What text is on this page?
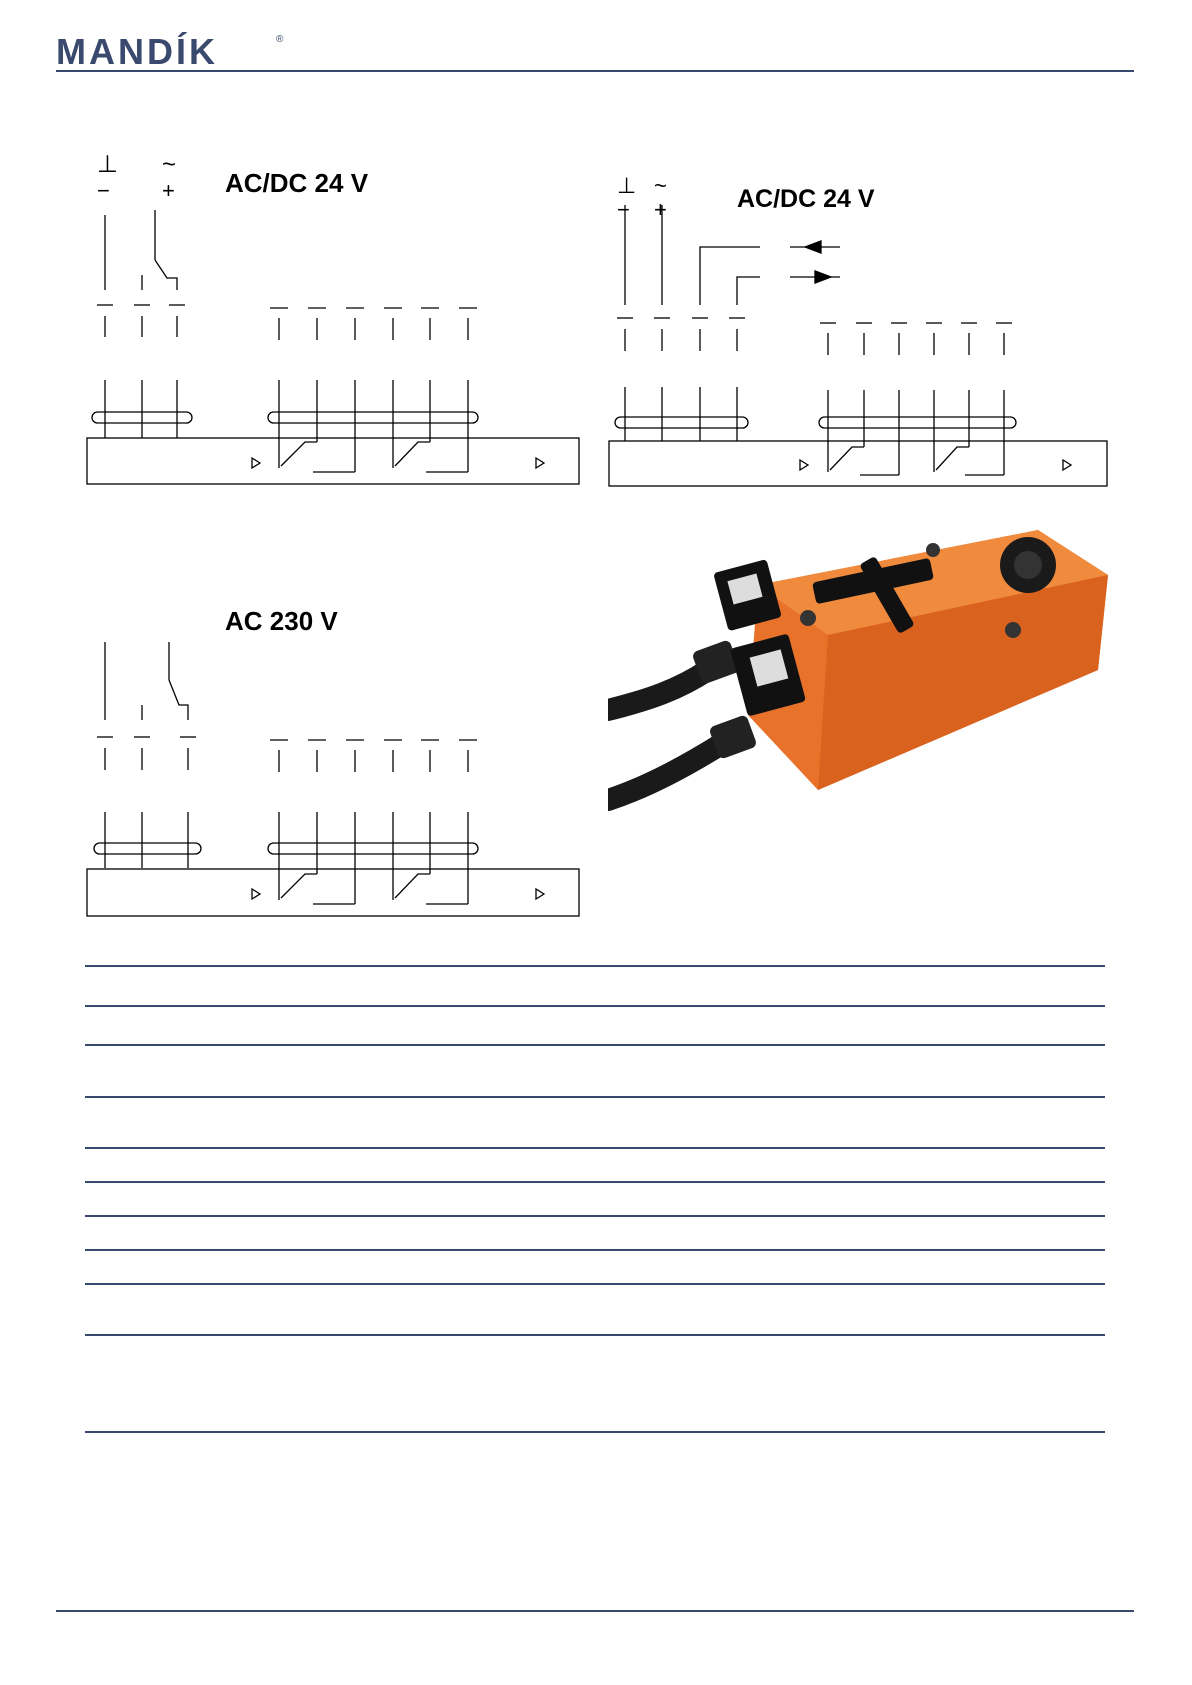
MANDÍK	®
⊥ ~
− + AC/DC 24 V	⊥ ~
− +	AC/DC 24 V
AC 230 V
